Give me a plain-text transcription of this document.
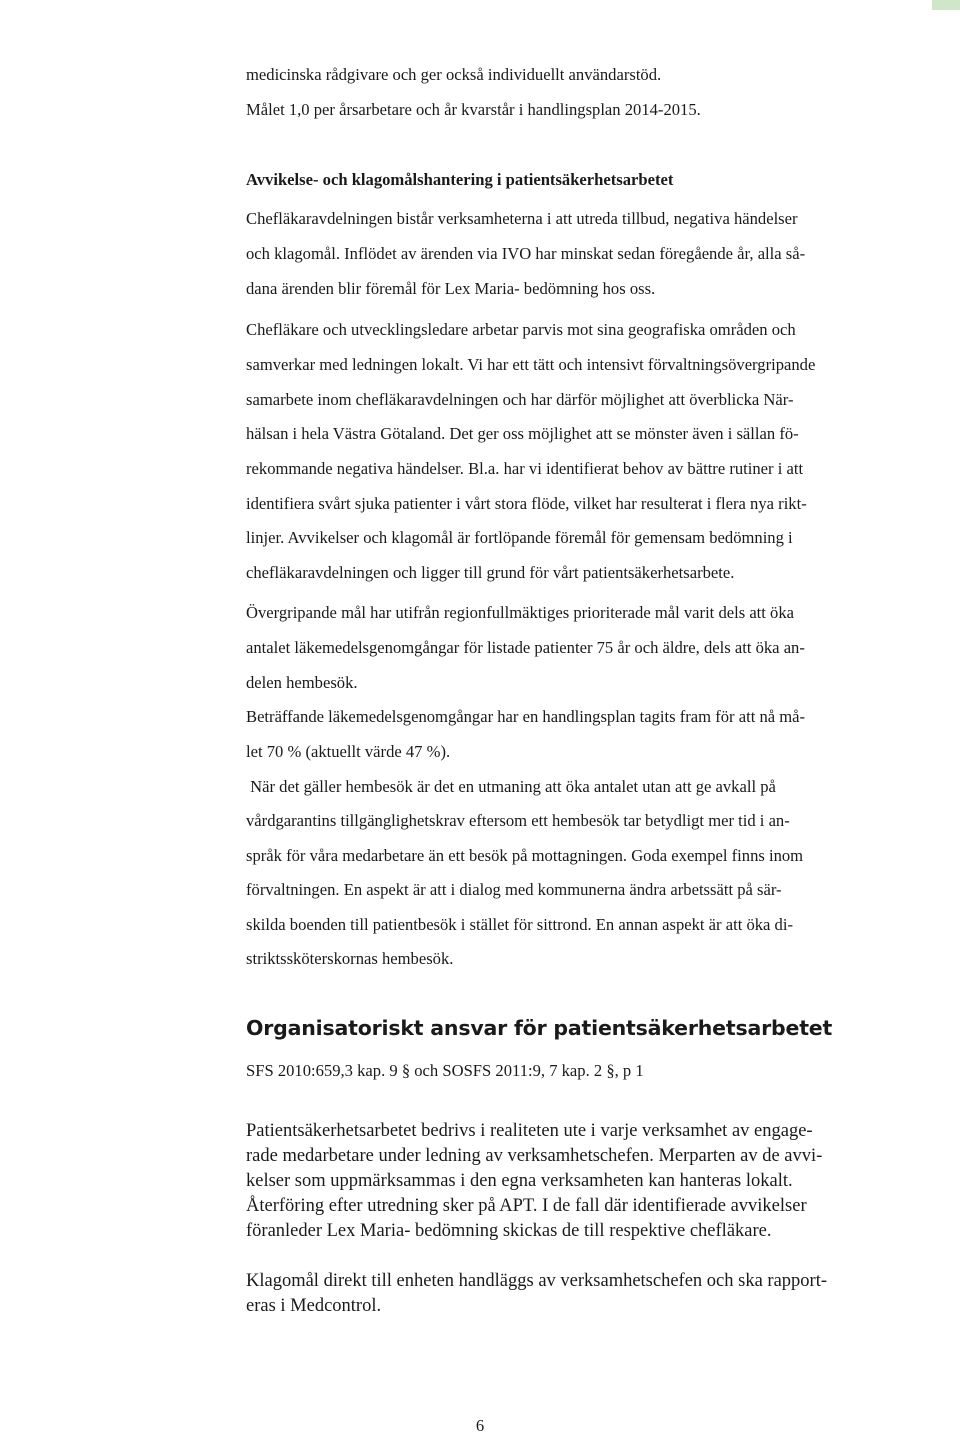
medicinska rådgivare och ger också individuellt användarstöd.

Målet 1,0 per årsarbetare och år kvarstår i handlingsplan 2014-2015.

Avvikelse- och klagomålshantering i patientsäkerhetsarbetet

Chefläkaravdelningen bistår verksamheterna i att utreda tillbud, negativa händelser

och klagomål. Inflödet av ärenden via IVO har minskat sedan föregående år, alla så-

dana ärenden blir föremål för Lex Maria- bedömning hos oss.

Chefläkare och utvecklingsledare arbetar parvis mot sina geografiska områden och

samverkar med ledningen lokalt. Vi har ett tätt och intensivt förvaltningsövergripande

samarbete inom chefläkaravdelningen och har därför möjlighet att överblicka När-

hälsan i hela Västra Götaland. Det ger oss möjlighet att se mönster även i sällan fö-

rekommande negativa händelser. Bl.a. har vi identifierat behov av bättre rutiner i att

identifiera svårt sjuka patienter i vårt stora flöde, vilket har resulterat i flera nya rikt-

linjer. Avvikelser och klagomål är fortlöpande föremål för gemensam bedömning i

chefläkaravdelningen och ligger till grund för vårt patientsäkerhetsarbete.

Övergripande mål har utifrån regionfullmäktiges prioriterade mål varit dels att öka

antalet läkemedelsgenomgångar för listade patienter 75 år och äldre, dels att öka an-

delen hembesök.

Beträffande läkemedelsgenomgångar har en handlingsplan tagits fram för att nå må-

let 70 % (aktuellt värde 47 %).

När det gäller hembesök är det en utmaning att öka antalet utan att ge avkall på

vårdgarantins tillgänglighetskrav eftersom ett hembesök tar betydligt mer tid i an-

språk för våra medarbetare än ett besök på mottagningen. Goda exempel finns inom

förvaltningen. En aspekt är att i dialog med kommunerna ändra arbetssätt på sär-

skilda boenden till patientbesök i stället för sittrond. En annan aspekt är att öka di-

striktssköterskornas hembesök.

Organisatoriskt ansvar för patientsäkerhetsarbetet

SFS 2010:659,3 kap. 9 § och SOSFS 2011:9, 7 kap. 2 §, p 1

Patientsäkerhetsarbetet bedrivs i realiteten ute i varje verksamhet av engage-

rade medarbetare under ledning av verksamhetschefen. Merparten av de avvi-

kelser som uppmärksammas i den egna verksamheten kan hanteras lokalt.

Återföring efter utredning sker på APT. I de fall där identifierade avvikelser

föranleder Lex Maria- bedömning skickas de till respektive chefläkare.

Klagomål direkt till enheten handläggs av verksamhetschefen och ska rapport-

eras i Medcontrol.

6
